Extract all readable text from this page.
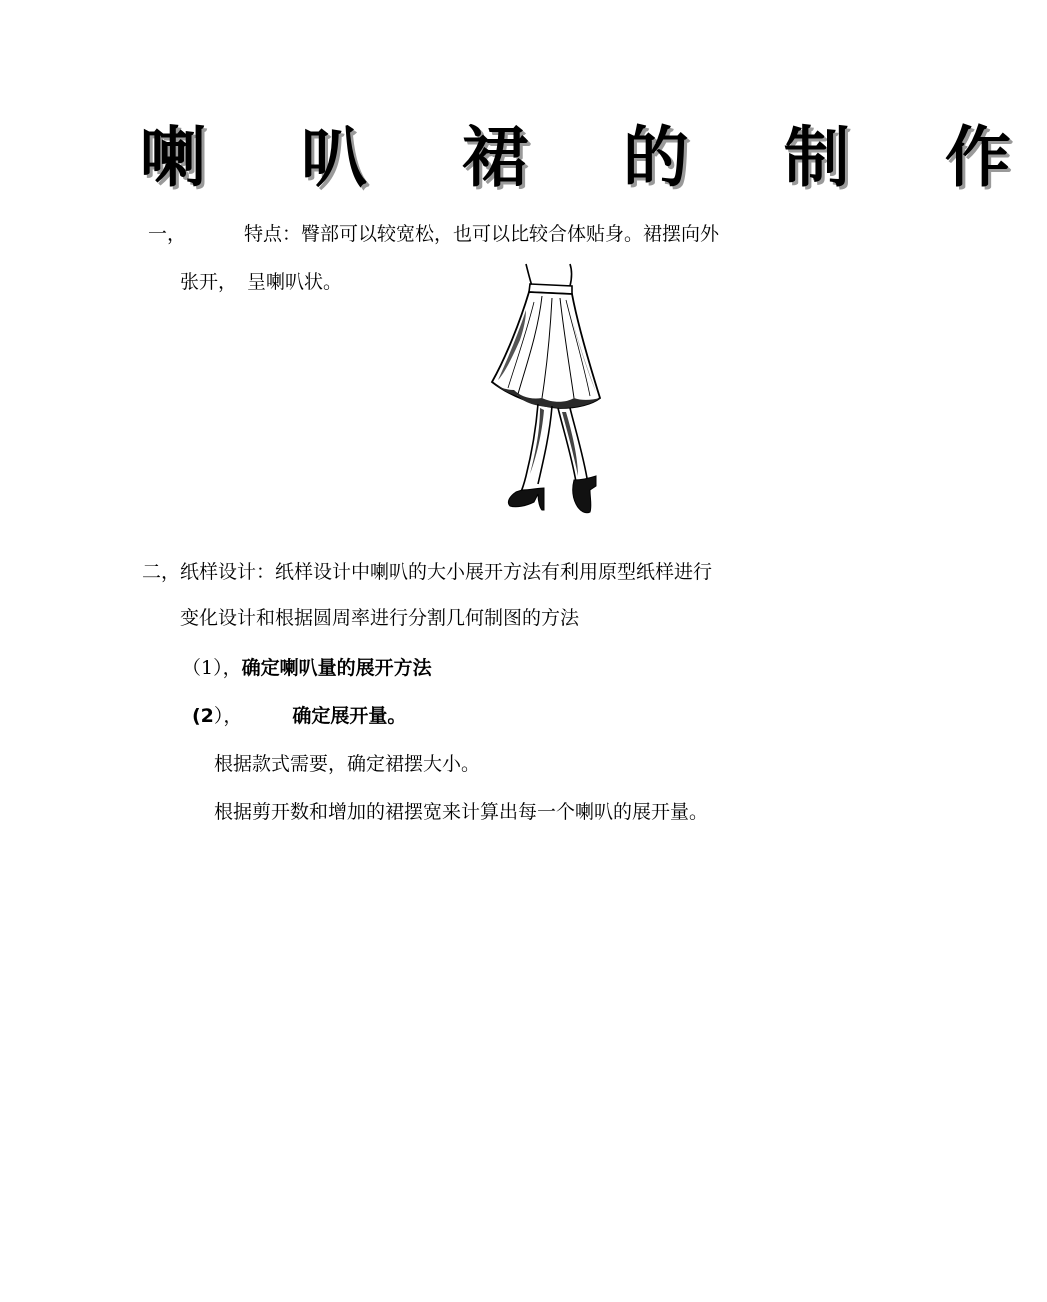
喇 叭 裙 的 制 作
一，	特点：臀部可以较宽松，也可以比较合体贴身。裙摆向外
张开， 呈喇叭状。
二，纸样设计：纸样设计中喇叭的大小展开方法有利用原型纸样进行
变化设计和根据圆周率进行分割几何制图的方法
（1），确定喇叭量的展开方法
(2），	确定展开量。
根据款式需要，确定裙摆大小。
根据剪开数和增加的裙摆宽来计算出每一个喇叭的展开量。
